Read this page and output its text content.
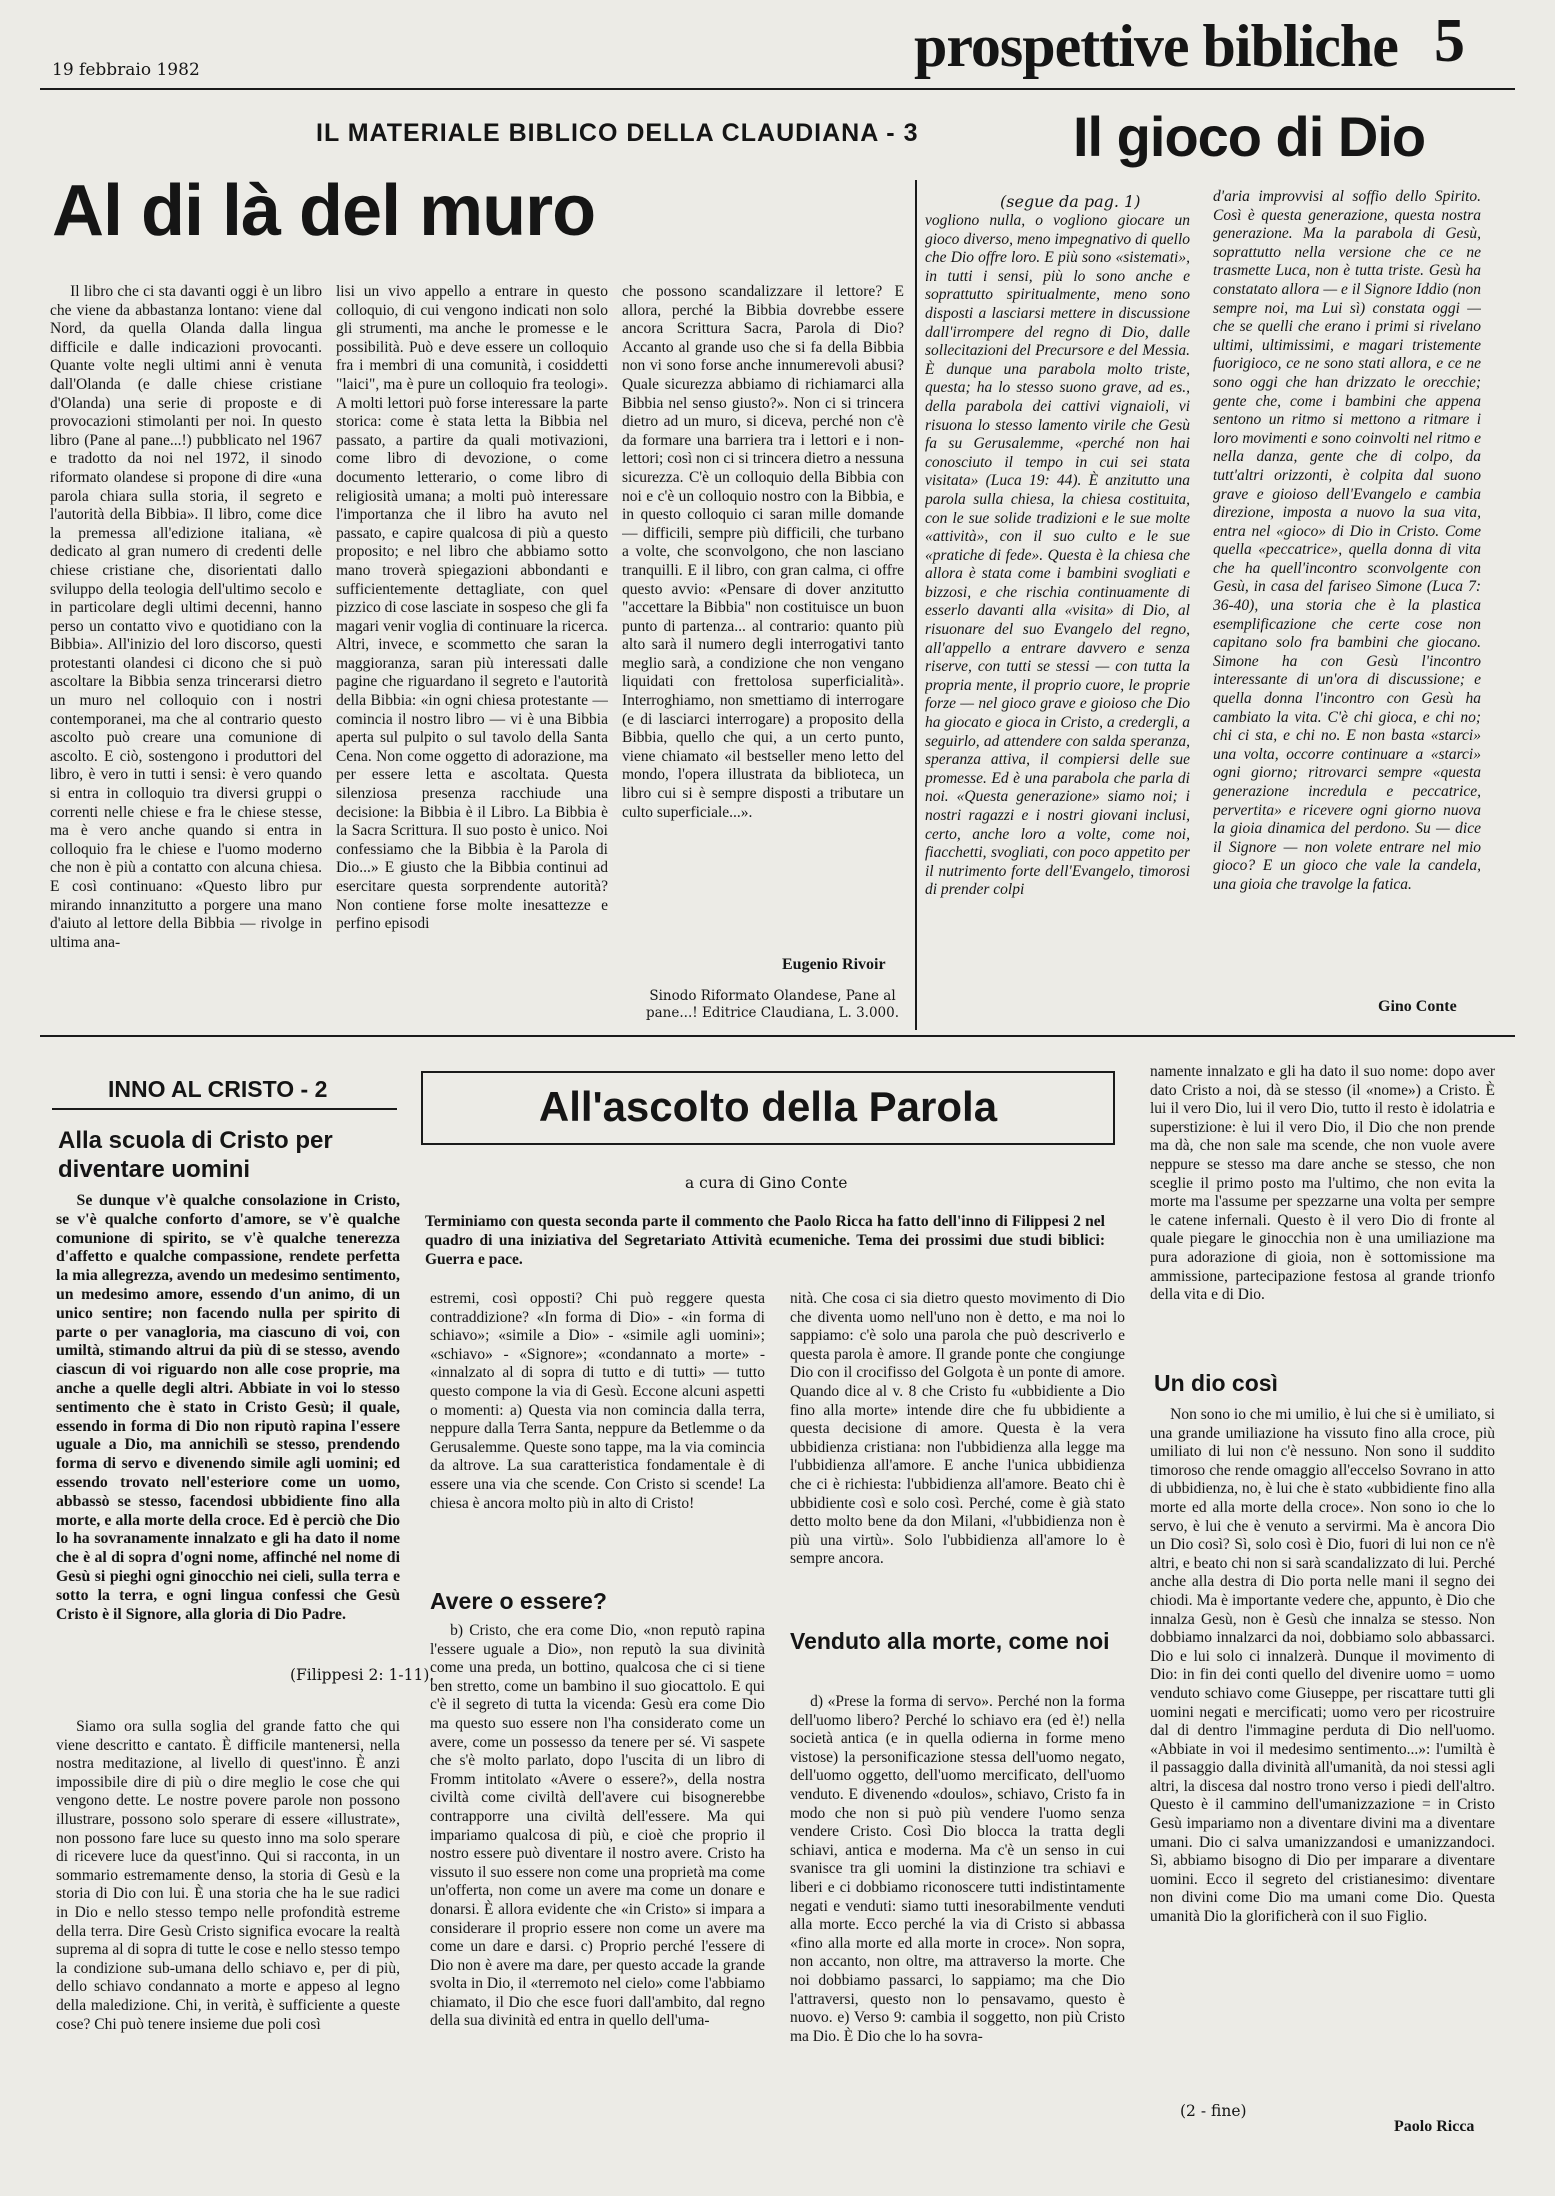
19 febbraio 1982	prospettive bibliche 5
IL MATERIALE BIBLICO DELLA CLAUDIANA - 3
Al di là del muro

Il libro che ci sta davanti oggi è un libro che viene da abbastanza lontano: viene dal Nord, da quella Olanda dalla lingua difficile e dalle indicazioni provocanti. Quante volte negli ultimi anni è venuta dall'Olanda (e dalle chiese cristiane d'Olanda) una serie di proposte e di provocazioni stimolanti per noi. In questo libro (Pane al pane...!) pubblicato nel 1967 e tradotto da noi nel 1972, il sinodo riformato olandese si propone di dire «una parola chiara sulla storia, il segreto e l'autorità della Bibbia». Il libro, come dice la premessa all'edizione italiana, «è dedicato al gran numero di credenti delle chiese cristiane che, disorientati dallo sviluppo della teologia dell'ultimo secolo e in particolare degli ultimi decenni, hanno perso un contatto vivo e quotidiano con la Bibbia». All'inizio del loro discorso, questi protestanti olandesi ci dicono che si può ascoltare la Bibbia senza trincerarsi dietro un muro nel colloquio con i nostri contemporanei, ma che al contrario questo ascolto può creare una comunione di ascolto. E ciò, sostengono i produttori del libro, è vero in tutti i sensi: è vero quando si entra in colloquio tra diversi gruppi o correnti nelle chiese e fra le chiese stesse, ma è vero anche quando si entra in colloquio fra le chiese e l'uomo moderno che non è più a contatto con alcuna chiesa. E così continuano: «Questo libro pur mirando innanzitutto a porgere una mano d'aiuto al lettore della Bibbia — rivolge in ultima ana-

lisi un vivo appello a entrare in questo colloquio, di cui vengono indicati non solo gli strumenti, ma anche le promesse e le possibilità. Può e deve essere un colloquio fra i membri di una comunità, i cosiddetti "laici", ma è pure un colloquio fra teologi». A molti lettori può forse interessare la parte storica: come è stata letta la Bibbia nel passato, a partire da quali motivazioni, come libro di devozione, o come documento letterario, o come libro di religiosità umana; a molti può interessare l'importanza che il libro ha avuto nel passato, e capire qualcosa di più a questo proposito; e nel libro che abbiamo sotto mano troverà spiegazioni abbondanti e sufficientemente dettagliate, con quel pizzico di cose lasciate in sospeso che gli fa magari venir voglia di continuare la ricerca. Altri, invece, e scommetto che saran la maggioranza, saran più interessati dalle pagine che riguardano il segreto e l'autorità della Bibbia: «in ogni chiesa protestante — comincia il nostro libro — vi è una Bibbia aperta sul pulpito o sul tavolo della Santa Cena. Non come oggetto di adorazione, ma per essere letta e ascoltata. Questa silenziosa presenza racchiude una decisione: la Bibbia è il Libro. La Bibbia è la Sacra Scrittura. Il suo posto è unico. Noi confessiamo che la Bibbia è la Parola di Dio...» E giusto che la Bibbia continui ad esercitare questa sorprendente autorità? Non contiene forse molte inesattezze e perfino episodi

che possono scandalizzare il lettore? E allora, perché la Bibbia dovrebbe essere ancora Scrittura Sacra, Parola di Dio? Accanto al grande uso che si fa della Bibbia non vi sono forse anche innumerevoli abusi? Quale sicurezza abbiamo di richiamarci alla Bibbia nel senso giusto?». Non ci si trincera dietro ad un muro, si diceva, perché non c'è da formare una barriera tra i lettori e i non-lettori; così non ci si trincera dietro a nessuna sicurezza. C'è un colloquio della Bibbia con noi e c'è un colloquio nostro con la Bibbia, e in questo colloquio ci saran mille domande — difficili, sempre più difficili, che turbano a volte, che sconvolgono, che non lasciano tranquilli. E il libro, con gran calma, ci offre questo avvio: «Pensare di dover anzitutto "accettare la Bibbia" non costituisce un buon punto di partenza... al contrario: quanto più alto sarà il numero degli interrogativi tanto meglio sarà, a condizione che non vengano liquidati con frettolosa superficialità». Interroghiamo, non smettiamo di interrogare (e di lasciarci interrogare) a proposito della Bibbia, quello che qui, a un certo punto, viene chiamato «il bestseller meno letto del mondo, l'opera illustrata da biblioteca, un libro cui si è sempre disposti a tributare un culto superficiale...».

Eugenio Rivoir
Sinodo Riformato Olandese, Pane al pane...! Editrice Claudiana, L. 3.000.
Il gioco di Dio
(segue da pag. 1)

vogliono nulla, o vogliono giocare un gioco diverso, meno impegnativo di quello che Dio offre loro. E più sono «sistemati», in tutti i sensi, più lo sono anche e soprattutto spiritualmente, meno sono disposti a lasciarsi mettere in discussione dall'irrompere del regno di Dio, dalle sollecitazioni del Precursore e del Messia. È dunque una parabola molto triste, questa; ha lo stesso suono grave, ad es., della parabola dei cattivi vignaioli, vi risuona lo stesso lamento virile che Gesù fa su Gerusalemme, «perché non hai conosciuto il tempo in cui sei stata visitata» (Luca 19: 44). È anzitutto una parola sulla chiesa, la chiesa costituita, con le sue solide tradizioni e le sue molte «attività», con il suo culto e le sue «pratiche di fede». Questa è la chiesa che allora è stata come i bambini svogliati e bizzosi, e che rischia continuamente di esserlo davanti alla «visita» di Dio, al risuonare del suo Evangelo del regno, all'appello a entrare davvero e senza riserve, con tutti se stessi — con tutta la propria mente, il proprio cuore, le proprie forze — nel gioco grave e gioioso che Dio ha giocato e gioca in Cristo, a credergli, a seguirlo, ad attendere con salda speranza, speranza attiva, il compiersi delle sue promesse. Ed è una parabola che parla di noi. «Questa generazione» siamo noi; i nostri ragazzi e i nostri giovani inclusi, certo, anche loro a volte, come noi, fiacchetti, svogliati, con poco appetito per il nutrimento forte dell'Evangelo, timorosi di prender colpi

d'aria improvvisi al soffio dello Spirito. Così è questa generazione, questa nostra generazione. Ma la parabola di Gesù, soprattutto nella versione che ce ne trasmette Luca, non è tutta triste. Gesù ha constatato allora — e il Signore Iddio (non sempre noi, ma Lui sì) constata oggi — che se quelli che erano i primi si rivelano ultimi, ultimissimi, e magari tristemente fuorigioco, ce ne sono stati allora, e ce ne sono oggi che han drizzato le orecchie; gente che, come i bambini che appena sentono un ritmo si mettono a ritmare i loro movimenti e sono coinvolti nel ritmo e nella danza, gente che di colpo, da tutt'altri orizzonti, è colpita dal suono grave e gioioso dell'Evangelo e cambia direzione, imposta a nuovo la sua vita, entra nel «gioco» di Dio in Cristo. Come quella «peccatrice», quella donna di vita che ha quell'incontro sconvolgente con Gesù, in casa del fariseo Simone (Luca 7: 36-40), una storia che è la plastica esemplificazione che certe cose non capitano solo fra bambini che giocano. Simone ha con Gesù l'incontro interessante di un'ora di discussione; e quella donna l'incontro con Gesù ha cambiato la vita. C'è chi gioca, e chi no; chi ci sta, e chi no. E non basta «starci» una volta, occorre continuare a «starci» ogni giorno; ritrovarci sempre «questa generazione incredula e peccatrice, pervertita» e ricevere ogni giorno nuova la gioia dinamica del perdono. Su — dice il Signore — non volete entrare nel mio gioco? E un gioco che vale la candela, una gioia che travolge la fatica.

Gino Conte
INNO AL CRISTO - 2
Alla scuola di Cristo per diventare uomini

Se dunque v'è qualche consolazione in Cristo, se v'è qualche conforto d'amore, se v'è qualche comunione di spirito, se v'è qualche tenerezza d'affetto e qualche compassione, rendete perfetta la mia allegrezza, avendo un medesimo sentimento, un medesimo amore, essendo d'un animo, di un unico sentire; non facendo nulla per spirito di parte o per vanagloria, ma ciascuno di voi, con umiltà, stimando altrui da più di se stesso, avendo ciascun di voi riguardo non alle cose proprie, ma anche a quelle degli altri. Abbiate in voi lo stesso sentimento che è stato in Cristo Gesù; il quale, essendo in forma di Dio non riputò rapina l'essere uguale a Dio, ma annichilì se stesso, prendendo forma di servo e divenendo simile agli uomini; ed essendo trovato nell'esteriore come un uomo, abbassò se stesso, facendosi ubbidiente fino alla morte, e alla morte della croce. Ed è perciò che Dio lo ha sovranamente innalzato e gli ha dato il nome che è al di sopra d'ogni nome, affinché nel nome di Gesù si pieghi ogni ginocchio nei cieli, sulla terra e sotto la terra, e ogni lingua confessi che Gesù Cristo è il Signore, alla gloria di Dio Padre.

(Filippesi 2: 1-11).

Siamo ora sulla soglia del grande fatto che qui viene descritto e cantato. È difficile mantenersi, nella nostra meditazione, al livello di quest'inno. È anzi impossibile dire di più o dire meglio le cose che qui vengono dette. Le nostre povere parole non possono illustrare, possono solo sperare di essere «illustrate», non possono fare luce su questo inno ma solo sperare di ricevere luce da quest'inno. Qui si racconta, in un sommario estremamente denso, la storia di Gesù e la storia di Dio con lui. È una storia che ha le sue radici in Dio e nello stesso tempo nelle profondità estreme della terra. Dire Gesù Cristo significa evocare la realtà suprema al di sopra di tutte le cose e nello stesso tempo la condizione sub-umana dello schiavo e, per di più, dello schiavo condannato a morte e appeso al legno della maledizione. Chi, in verità, è sufficiente a queste cose? Chi può tenere insieme due poli così

All'ascolto della Parola
a cura di Gino Conte

Terminiamo con questa seconda parte il commento che Paolo Ricca ha fatto dell'inno di Filippesi 2 nel quadro di una iniziativa del Segretariato Attività ecumeniche. Tema dei prossimi due studi biblici: Guerra e pace.

estremi, così opposti? Chi può reggere questa contraddizione? «In forma di Dio» - «in forma di schiavo»; «simile a Dio» - «simile agli uomini»; «schiavo» - «Signore»; «condannato a morte» - «innalzato al di sopra di tutto e di tutti» — tutto questo compone la via di Gesù. Eccone alcuni aspetti o momenti: a) Questa via non comincia dalla terra, neppure dalla Terra Santa, neppure da Betlemme o da Gerusalemme. Queste sono tappe, ma la via comincia da altrove. La sua caratteristica fondamentale è di essere una via che scende. Con Cristo si scende! La chiesa è ancora molto più in alto di Cristo!

Avere o essere?

b) Cristo, che era come Dio, «non reputò rapina l'essere uguale a Dio», non reputò la sua divinità come una preda, un bottino, qualcosa che ci si tiene ben stretto, come un bambino il suo giocattolo. E qui c'è il segreto di tutta la vicenda: Gesù era come Dio ma questo suo essere non l'ha considerato come un avere, come un possesso da tenere per sé. Vi saspete che s'è molto parlato, dopo l'uscita di un libro di Fromm intitolato «Avere o essere?», della nostra civiltà come civiltà dell'avere cui bisognerebbe contrapporre una civiltà dell'essere. Ma qui impariamo qualcosa di più, e cioè che proprio il nostro essere può diventare il nostro avere. Cristo ha vissuto il suo essere non come una proprietà ma come un'offerta, non come un avere ma come un donare e donarsi. È allora evidente che «in Cristo» si impara a considerare il proprio essere non come un avere ma come un dare e darsi. c) Proprio perché l'essere di Dio non è avere ma dare, per questo accade la grande svolta in Dio, il «terremoto nel cielo» come l'abbiamo chiamato, il Dio che esce fuori dall'ambito, dal regno della sua divinità ed entra in quello dell'uma-

nità. Che cosa ci sia dietro questo movimento di Dio che diventa uomo nell'uno non è detto, e ma noi lo sappiamo: c'è solo una parola che può descriverlo e questa parola è amore. Il grande ponte che congiunge Dio con il crocifisso del Golgota è un ponte di amore. Quando dice al v. 8 che Cristo fu «ubbidiente a Dio fino alla morte» intende dire che fu ubbidiente a questa decisione di amore. Questa è la vera ubbidienza cristiana: non l'ubbidienza alla legge ma l'ubbidienza all'amore. E anche l'unica ubbidienza che ci è richiesta: l'ubbidienza all'amore. Beato chi è ubbidiente così e solo così. Perché, come è già stato detto molto bene da don Milani, «l'ubbidienza non è più una virtù». Solo l'ubbidienza all'amore lo è sempre ancora.

Venduto alla morte, come noi

d) «Prese la forma di servo». Perché non la forma dell'uomo libero? Perché lo schiavo era (ed è!) nella società antica (e in quella odierna in forme meno vistose) la personificazione stessa dell'uomo negato, dell'uomo oggetto, dell'uomo mercificato, dell'uomo venduto. E divenendo «doulos», schiavo, Cristo fa in modo che non si può più vendere l'uomo senza vendere Cristo. Così Dio blocca la tratta degli schiavi, antica e moderna. Ma c'è un senso in cui svanisce tra gli uomini la distinzione tra schiavi e liberi e ci dobbiamo riconoscere tutti indistintamente negati e venduti: siamo tutti inesorabilmente venduti alla morte. Ecco perché la via di Cristo si abbassa «fino alla morte ed alla morte in croce». Non sopra, non accanto, non oltre, ma attraverso la morte. Che noi dobbiamo passarci, lo sappiamo; ma che Dio l'attraversi, questo non lo pensavamo, questo è nuovo. e) Verso 9: cambia il soggetto, non più Cristo ma Dio. È Dio che lo ha sovra-

namente innalzato e gli ha dato il suo nome: dopo aver dato Cristo a noi, dà se stesso (il «nome») a Cristo. È lui il vero Dio, lui il vero Dio, tutto il resto è idolatria e superstizione: è lui il vero Dio, il Dio che non prende ma dà, che non sale ma scende, che non vuole avere neppure se stesso ma dare anche se stesso, che non sceglie il primo posto ma l'ultimo, che non evita la morte ma l'assume per spezzarne una volta per sempre le catene infernali. Questo è il vero Dio di fronte al quale piegare le ginocchia non è una umiliazione ma pura adorazione di gioia, non è sottomissione ma ammissione, partecipazione festosa al grande trionfo della vita e di Dio.

Un dio così

Non sono io che mi umilio, è lui che si è umiliato, si una grande umiliazione ha vissuto fino alla croce, più umiliato di lui non c'è nessuno. Non sono il suddito timoroso che rende omaggio all'eccelso Sovrano in atto di ubbidienza, no, è lui che è stato «ubbidiente fino alla morte ed alla morte della croce». Non sono io che lo servo, è lui che è venuto a servirmi. Ma è ancora Dio un Dio così? Sì, solo così è Dio, fuori di lui non ce n'è altri, e beato chi non si sarà scandalizzato di lui. Perché anche alla destra di Dio porta nelle mani il segno dei chiodi. Ma è importante vedere che, appunto, è Dio che innalza Gesù, non è Gesù che innalza se stesso. Non dobbiamo innalzarci da noi, dobbiamo solo abbassarci. Dio e lui solo ci innalzerà. Dunque il movimento di Dio: in fin dei conti quello del divenire uomo = uomo venduto schiavo come Giuseppe, per riscattare tutti gli uomini negati e mercificati; uomo vero per ricostruire dal di dentro l'immagine perduta di Dio nell'uomo. «Abbiate in voi il medesimo sentimento...»: l'umiltà è il passaggio dalla divinità all'umanità, da noi stessi agli altri, la discesa dal nostro trono verso i piedi dell'altro. Questo è il cammino dell'umanizzazione = in Cristo Gesù impariamo non a diventare divini ma a diventare umani. Dio ci salva umanizzandosi e umanizzandoci. Sì, abbiamo bisogno di Dio per imparare a diventare uomini. Ecco il segreto del cristianesimo: diventare non divini come Dio ma umani come Dio. Questa umanità Dio la glorificherà con il suo Figlio.

(2 - fine)
Paolo Ricca
